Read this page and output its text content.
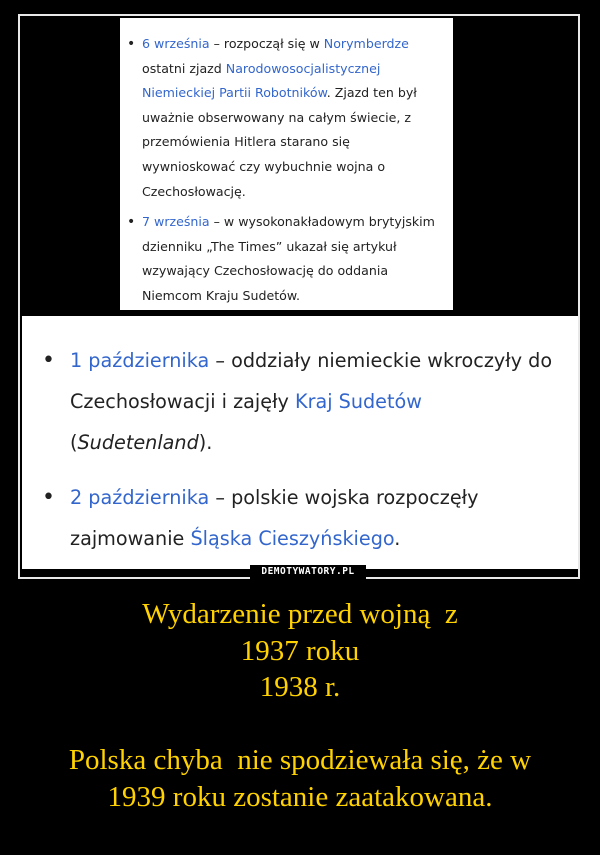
• 6 września – rozpoczął się w Norymberdze ostatni zjazd Narodowosocjalistycznej Niemieckiej Partii Robotników. Zjazd ten był uważnie obserwowany na całym świecie, z przemówienia Hitlera starano się wywnioskować czy wybuchnie wojna o Czechosłowację.
• 7 września – w wysokonakładowym brytyjskim dzienniku „The Times” ukazał się artykuł wzywający Czechosłowację do oddania Niemcom Kraju Sudetów.
• 1 października – oddziały niemieckie wkroczyły do Czechosłowacji i zajęły Kraj Sudetów (Sudetenland).
• 2 października – polskie wojska rozpoczęły zajmowanie Śląska Cieszyńskiego.
DEMOTYWATORY.PL
Wydarzenie przed wojną  z
1937 roku
1938 r.
Polska chyba  nie spodziewała się, że w
1939 roku zostanie zaatakowana.
